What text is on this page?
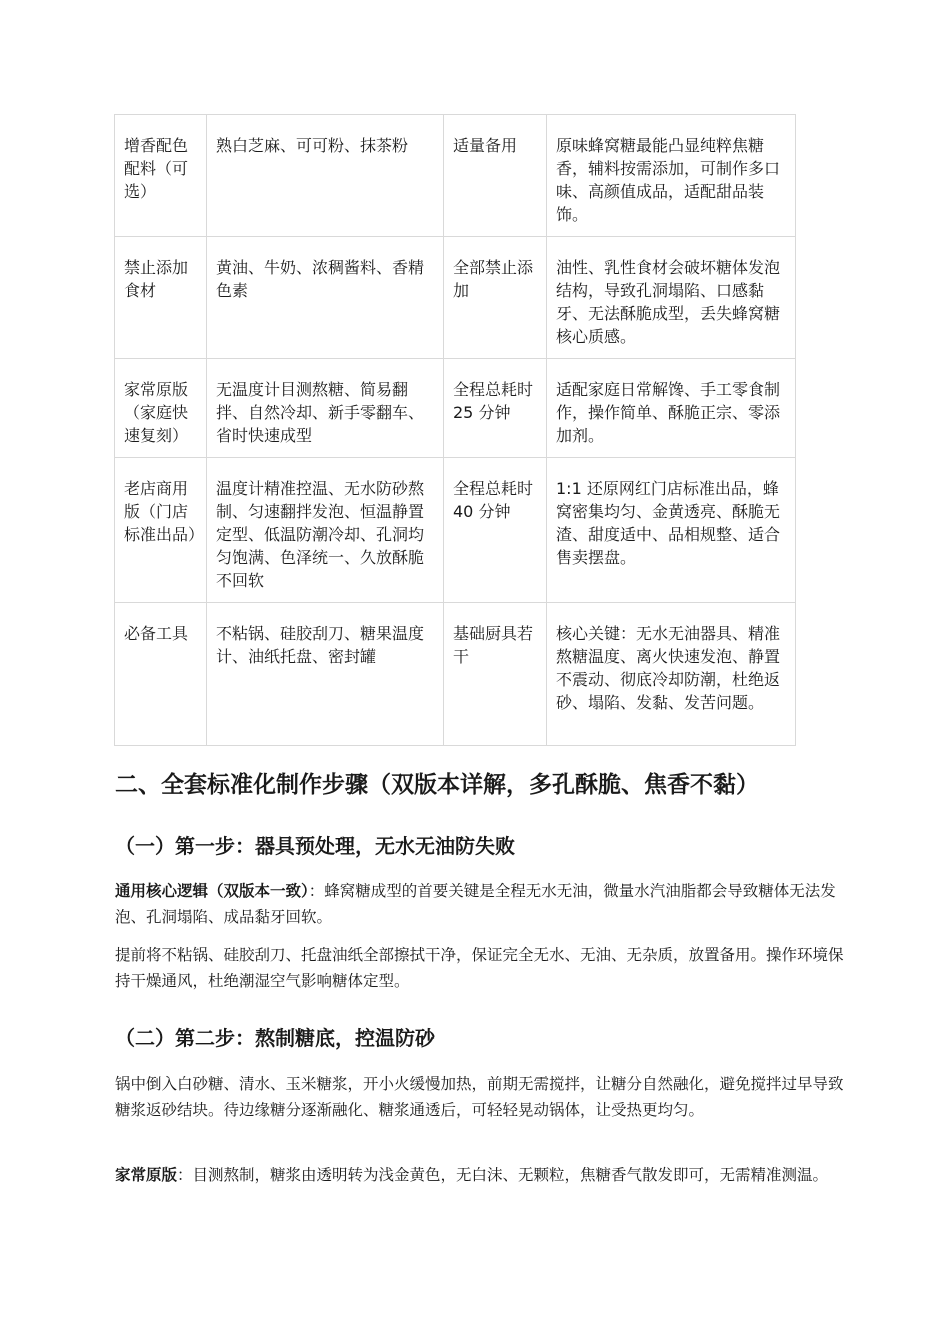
增香配色配料（可选）	熟白芝麻、可可粉、抹茶粉	适量备用	原味蜂窝糖最能凸显纯粹焦糖香，辅料按需添加，可制作多口味、高颜值成品，适配甜品装饰。
禁止添加食材	黄油、牛奶、浓稠酱料、香精色素	全部禁止添加	油性、乳性食材会破坏糖体发泡结构，导致孔洞塌陷、口感黏牙、无法酥脆成型，丢失蜂窝糖核心质感。
家常原版（家庭快速复刻）	无温度计目测熬糖、简易翻拌、自然冷却、新手零翻车、省时快速成型	全程总耗时 25 分钟	适配家庭日常解馋、手工零食制作，操作简单、酥脆正宗、零添加剂。
老店商用版（门店标准出品）	温度计精准控温、无水防砂熬制、匀速翻拌发泡、恒温静置定型、低温防潮冷却、孔洞均匀饱满、色泽统一、久放酥脆不回软	全程总耗时 40 分钟	1:1 还原网红门店标准出品，蜂窝密集均匀、金黄透亮、酥脆无渣、甜度适中、品相规整、适合售卖摆盘。
必备工具	不粘锅、硅胶刮刀、糖果温度计、油纸托盘、密封罐	基础厨具若干	核心关键：无水无油器具、精准熬糖温度、离火快速发泡、静置不震动、彻底冷却防潮，杜绝返砂、塌陷、发黏、发苦问题。
二、全套标准化制作步骤（双版本详解，多孔酥脆、焦香不黏）
（一）第一步：器具预处理，无水无油防失败

通用核心逻辑（双版本一致）：蜂窝糖成型的首要关键是全程无水无油，微量水汽油脂都会导致糖体无法发泡、孔洞塌陷、成品黏牙回软。

提前将不粘锅、硅胶刮刀、托盘油纸全部擦拭干净，保证完全无水、无油、无杂质，放置备用。操作环境保持干燥通风，杜绝潮湿空气影响糖体定型。

（二）第二步：熬制糖底，控温防砂

锅中倒入白砂糖、清水、玉米糖浆，开小火缓慢加热，前期无需搅拌，让糖分自然融化，避免搅拌过早导致糖浆返砂结块。待边缘糖分逐渐融化、糖浆通透后，可轻轻晃动锅体，让受热更均匀。

家常原版：目测熬制，糖浆由透明转为浅金黄色，无白沫、无颗粒，焦糖香气散发即可，无需精准测温。
